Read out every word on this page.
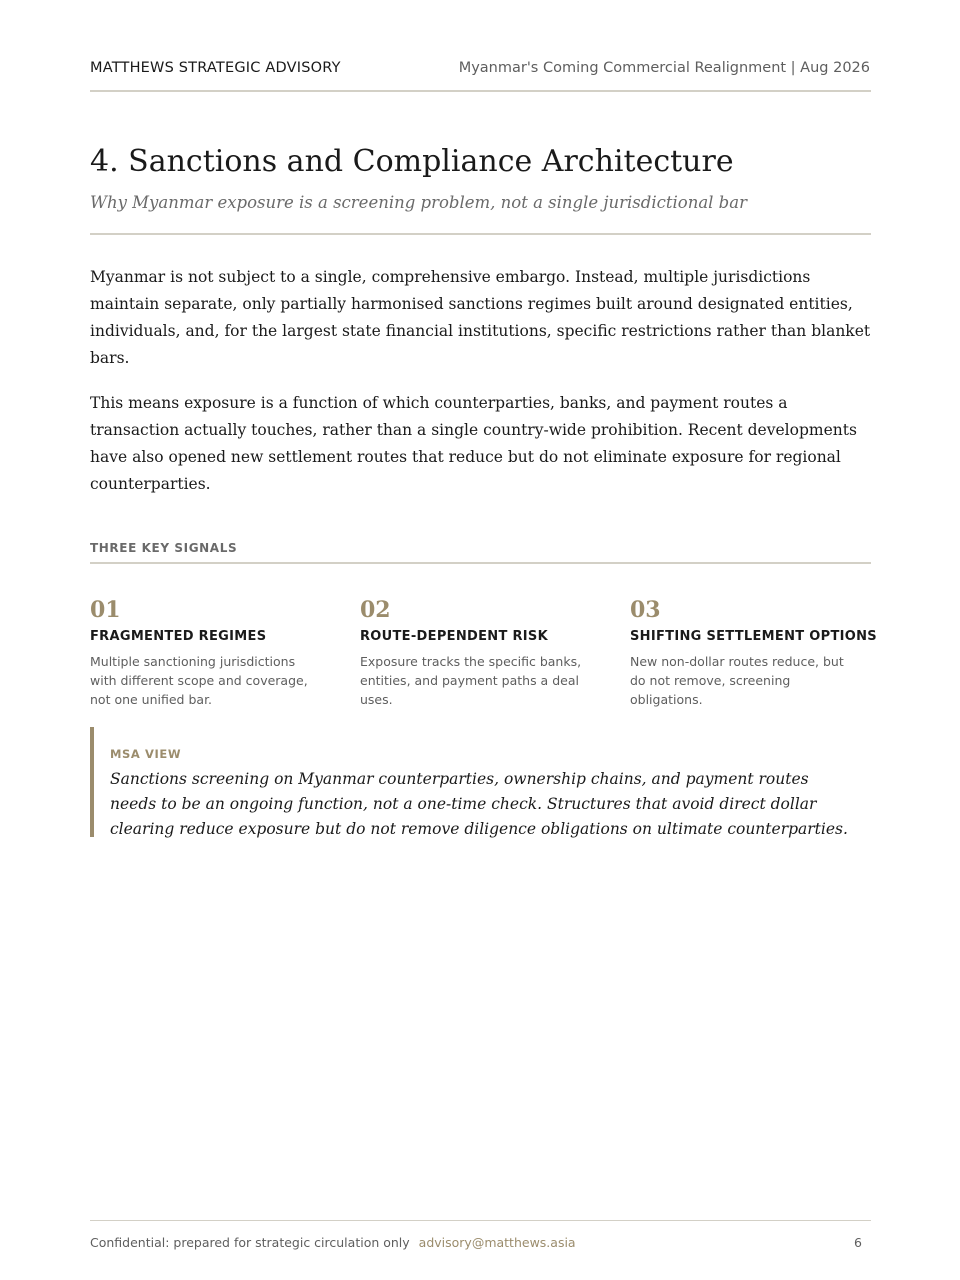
MATTHEWS STRATEGIC ADVISORY	Myanmar's Coming Commercial Realignment | Aug 2026
4. Sanctions and Compliance Architecture

Why Myanmar exposure is a screening problem, not a single jurisdictional bar

Myanmar is not subject to a single, comprehensive embargo. Instead, multiple jurisdictions maintain separate, only partially harmonised sanctions regimes built around designated entities, individuals, and, for the largest state financial institutions, specific restrictions rather than blanket bars.

This means exposure is a function of which counterparties, banks, and payment routes a transaction actually touches, rather than a single country-wide prohibition. Recent developments have also opened new settlement routes that reduce but do not eliminate exposure for regional counterparties.

THREE KEY SIGNALS
01
FRAGMENTED REGIMES
Multiple sanctioning jurisdictions with different scope and coverage, not one unified bar.
02
ROUTE-DEPENDENT RISK
Exposure tracks the specific banks, entities, and payment paths a deal uses.
03
SHIFTING SETTLEMENT OPTIONS
New non-dollar routes reduce, but do not remove, screening obligations.
MSA VIEW

Sanctions screening on Myanmar counterparties, ownership chains, and payment routes needs to be an ongoing function, not a one-time check. Structures that avoid direct dollar clearing reduce exposure but do not remove diligence obligations on ultimate counterparties.

Confidential: prepared for strategic circulation only advisory@matthews.asia	6
